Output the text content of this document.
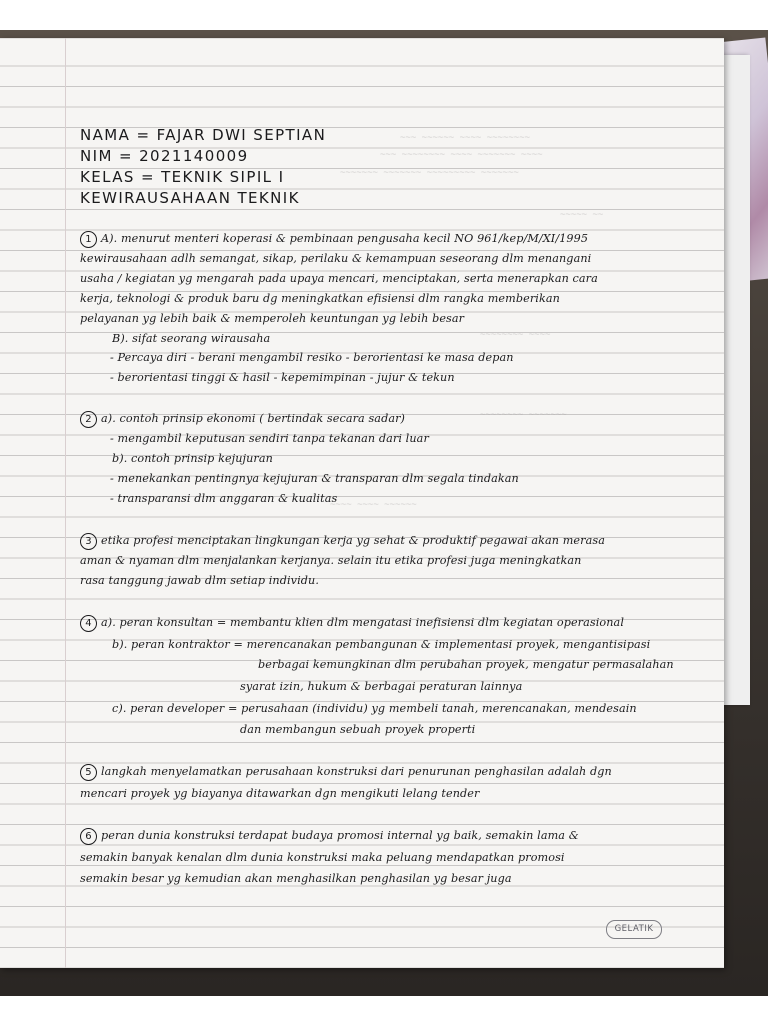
~~~ ~~~~~~ ~~~~ ~~~~~~~~
~~~ ~~~~~~~~ ~~~~ ~~~~~~~ ~~~~
~~~~~~~ ~~~~~~~ ~~~~~~~~~ ~~~~~~~
~~~~~ ~~
~~~~~~~~ ~~~~
~~~~~~~~ ~~~~~~~
~~~~ ~~~~ ~~~~~~
NAMA = FAJAR DWI SEPTIAN
NIM = 2021140009
KELAS = TEKNIK SIPIL I
KEWIRAUSAHAAN TEKNIK
1 A). menurut menteri koperasi & pembinaan pengusaha kecil NO 961/kep/M/XI/1995
kewirausahaan adlh semangat, sikap, perilaku & kemampuan seseorang dlm menangani
usaha / kegiatan yg mengarah pada upaya mencari, menciptakan, serta menerapkan cara
kerja, teknologi & produk baru dg meningkatkan efisiensi dlm rangka memberikan
pelayanan yg lebih baik & memperoleh keuntungan yg lebih besar
B). sifat seorang wirausaha
- Percaya diri - berani mengambil resiko - berorientasi ke masa depan
- berorientasi tinggi & hasil - kepemimpinan - jujur & tekun
2 a). contoh prinsip ekonomi ( bertindak secara sadar)
- mengambil keputusan sendiri tanpa tekanan dari luar
b). contoh prinsip kejujuran
- menekankan pentingnya kejujuran & transparan dlm segala tindakan
- transparansi dlm anggaran & kualitas
3 etika profesi menciptakan lingkungan kerja yg sehat & produktif pegawai akan merasa
aman & nyaman dlm menjalankan kerjanya. selain itu etika profesi juga meningkatkan
rasa tanggung jawab dlm setiap individu.
4 a). peran konsultan = membantu klien dlm mengatasi inefisiensi dlm kegiatan operasional
b). peran kontraktor = merencanakan pembangunan & implementasi proyek, mengantisipasi
berbagai kemungkinan dlm perubahan proyek, mengatur permasalahan
syarat izin, hukum & berbagai peraturan lainnya
c). peran developer = perusahaan (individu) yg membeli tanah, merencanakan, mendesain
dan membangun sebuah proyek properti
5 langkah menyelamatkan perusahaan konstruksi dari penurunan penghasilan adalah dgn
mencari proyek yg biayanya ditawarkan dgn mengikuti lelang tender
6 peran dunia konstruksi terdapat budaya promosi internal yg baik, semakin lama &
semakin banyak kenalan dlm dunia konstruksi maka peluang mendapatkan promosi
semakin besar yg kemudian akan menghasilkan penghasilan yg besar juga
GELATIK
